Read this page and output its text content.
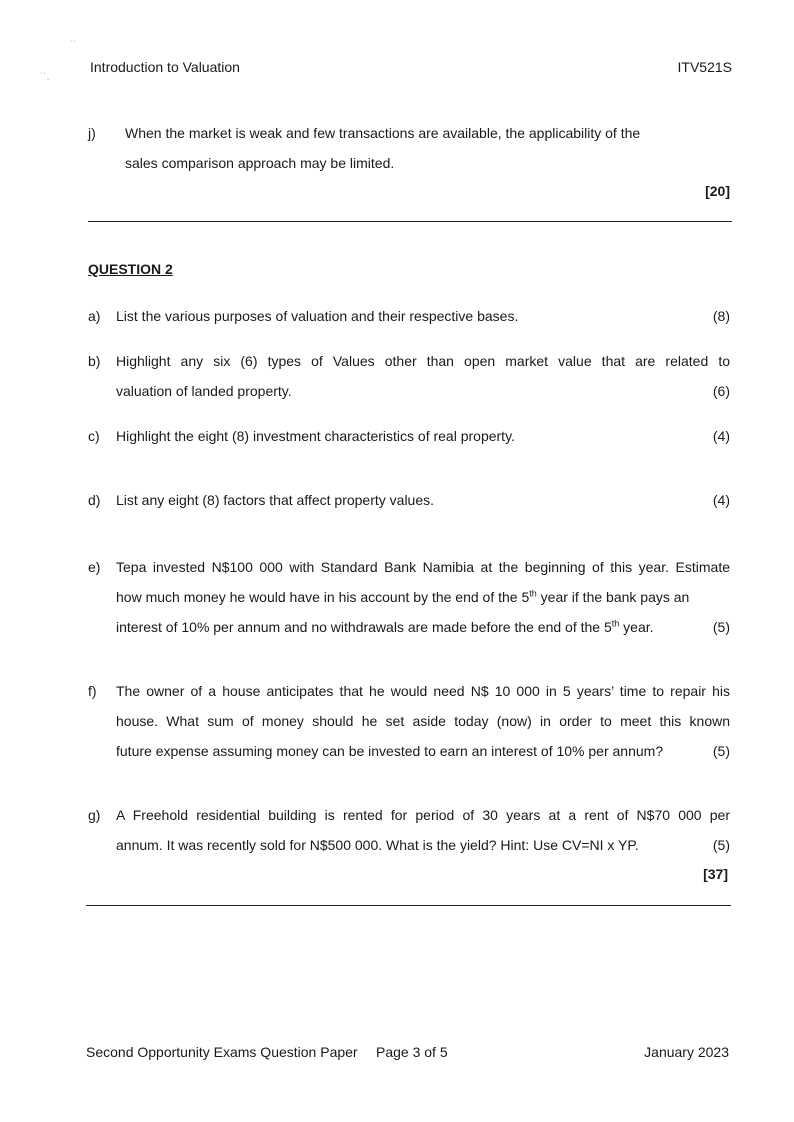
˙˙
˙˙.
Introduction to Valuation	ITV521S
j) When the market is weak and few transactions are available, the applicability of the
sales comparison approach may be limited.
[20]
QUESTION 2
a) List the various purposes of valuation and their respective bases.	(8)
b) Highlight any six (6) types of Values other than open market value that are related to
valuation of landed property.	(6)
c) Highlight the eight (8) investment characteristics of real property.	(4)
d) List any eight (8) factors that affect property values.	(4)
e) Tepa invested N$100 000 with Standard Bank Namibia at the beginning of this year. Estimate
how much money he would have in his account by the end of the 5th year if the bank pays an
interest of 10% per annum and no withdrawals are made before the end of the 5th year.	(5)
f) The owner of a house anticipates that he would need N$ 10 000 in 5 years’ time to repair his
house. What sum of money should he set aside today (now) in order to meet this known
future expense assuming money can be invested to earn an interest of 10% per annum?	(5)
g) A Freehold residential building is rented for period of 30 years at a rent of N$70 000 per
annum. It was recently sold for N$500 000. What is the yield? Hint: Use CV=NI x YP.	(5)
[37]
Second Opportunity Exams Question Paper Page 3 of 5	January 2023
